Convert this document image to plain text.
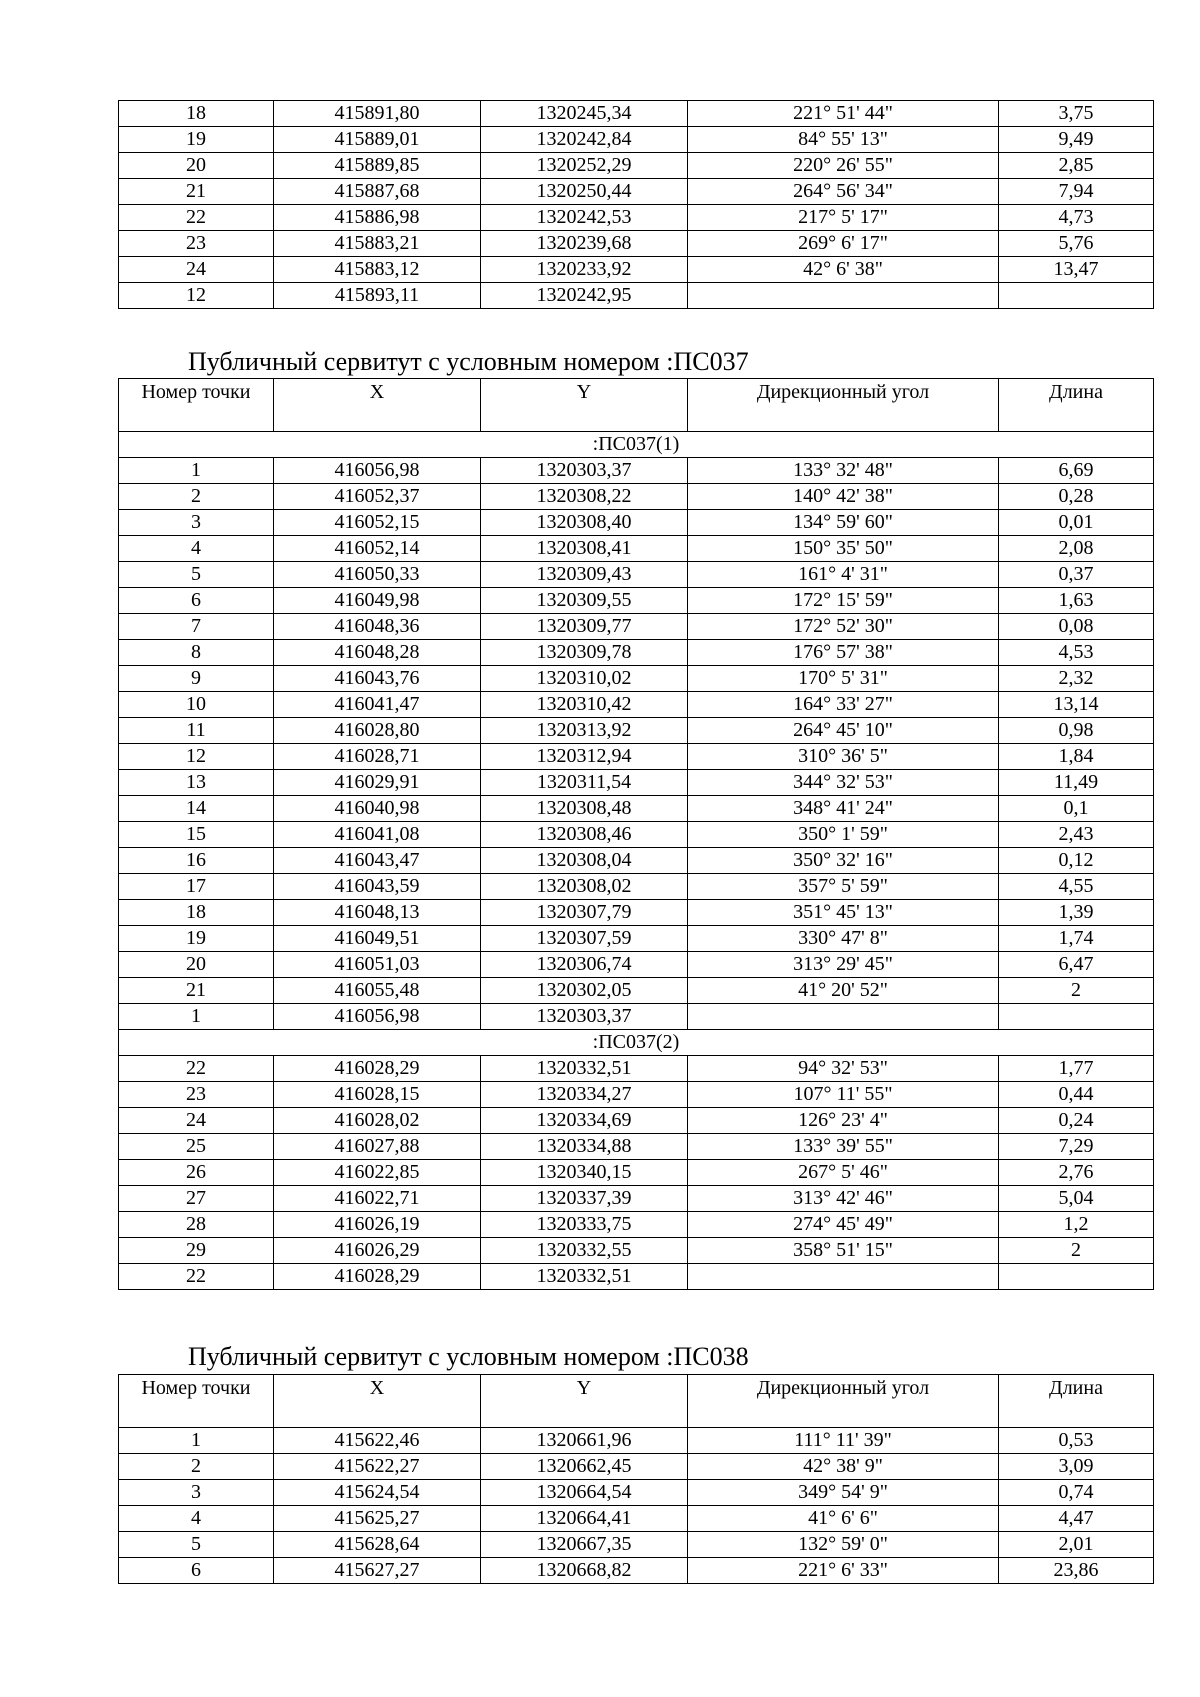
18	415891,80	1320245,34	221° 51' 44"	3,75
19	415889,01	1320242,84	84° 55' 13"	9,49
20	415889,85	1320252,29	220° 26' 55"	2,85
21	415887,68	1320250,44	264° 56' 34"	7,94
22	415886,98	1320242,53	217° 5' 17"	4,73
23	415883,21	1320239,68	269° 6' 17"	5,76
24	415883,12	1320233,92	42° 6' 38"	13,47
12	415893,11	1320242,95		
Публичный сервитут с условным номером :ПС037
Номер точки	X	Y	Дирекционный угол	Длина
:ПС037(1)				
1	416056,98	1320303,37	133° 32' 48"	6,69
2	416052,37	1320308,22	140° 42' 38"	0,28
3	416052,15	1320308,40	134° 59' 60"	0,01
4	416052,14	1320308,41	150° 35' 50"	2,08
5	416050,33	1320309,43	161° 4' 31"	0,37
6	416049,98	1320309,55	172° 15' 59"	1,63
7	416048,36	1320309,77	172° 52' 30"	0,08
8	416048,28	1320309,78	176° 57' 38"	4,53
9	416043,76	1320310,02	170° 5' 31"	2,32
10	416041,47	1320310,42	164° 33' 27"	13,14
11	416028,80	1320313,92	264° 45' 10"	0,98
12	416028,71	1320312,94	310° 36' 5"	1,84
13	416029,91	1320311,54	344° 32' 53"	11,49
14	416040,98	1320308,48	348° 41' 24"	0,1
15	416041,08	1320308,46	350° 1' 59"	2,43
16	416043,47	1320308,04	350° 32' 16"	0,12
17	416043,59	1320308,02	357° 5' 59"	4,55
18	416048,13	1320307,79	351° 45' 13"	1,39
19	416049,51	1320307,59	330° 47' 8"	1,74
20	416051,03	1320306,74	313° 29' 45"	6,47
21	416055,48	1320302,05	41° 20' 52"	2
1	416056,98	1320303,37		
:ПС037(2)				
22	416028,29	1320332,51	94° 32' 53"	1,77
23	416028,15	1320334,27	107° 11' 55"	0,44
24	416028,02	1320334,69	126° 23' 4"	0,24
25	416027,88	1320334,88	133° 39' 55"	7,29
26	416022,85	1320340,15	267° 5' 46"	2,76
27	416022,71	1320337,39	313° 42' 46"	5,04
28	416026,19	1320333,75	274° 45' 49"	1,2
29	416026,29	1320332,55	358° 51' 15"	2
22	416028,29	1320332,51		
Публичный сервитут с условным номером :ПС038
Номер точки	X	Y	Дирекционный угол	Длина
1	415622,46	1320661,96	111° 11' 39"	0,53
2	415622,27	1320662,45	42° 38' 9"	3,09
3	415624,54	1320664,54	349° 54' 9"	0,74
4	415625,27	1320664,41	41° 6' 6"	4,47
5	415628,64	1320667,35	132° 59' 0"	2,01
6	415627,27	1320668,82	221° 6' 33"	23,86
